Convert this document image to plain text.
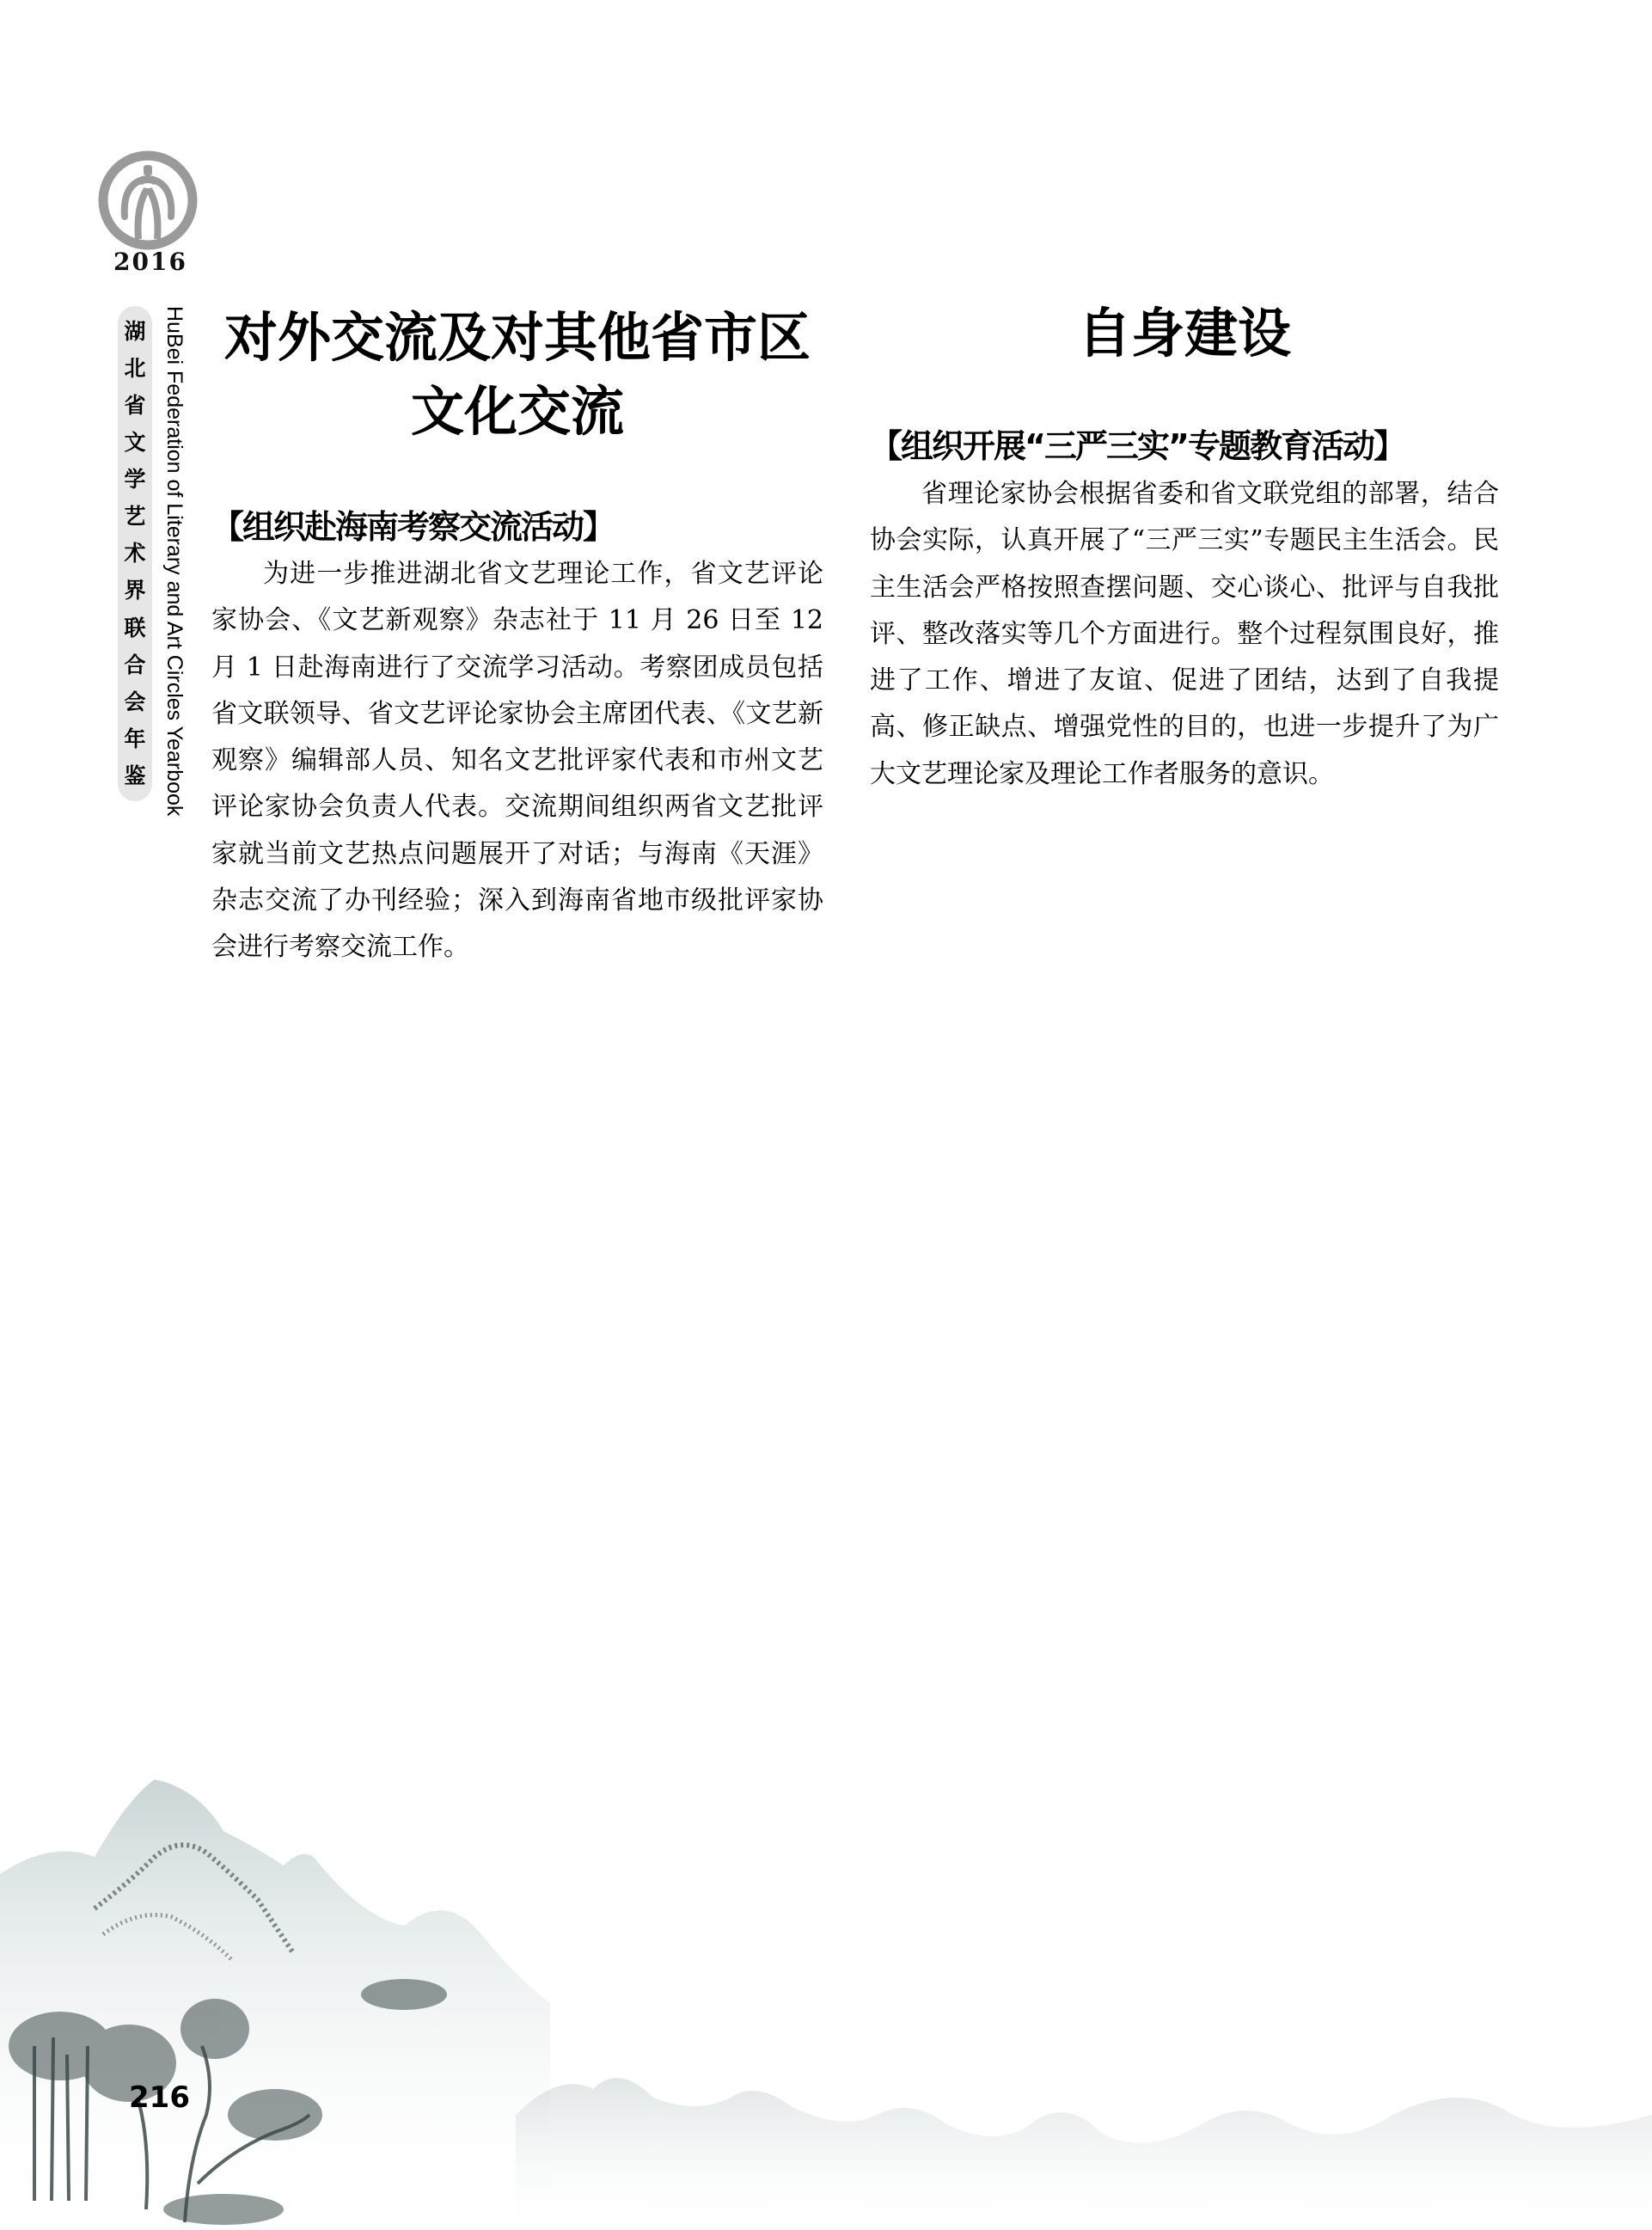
2016
湖
北
省
文
学
艺
术
界
联
合
会
年
鉴 HuBei Federation of Literary and Art Circles Yearbook 对外交流及对其他省市区
文化交流
【组织赴海南考察交流活动】

为进一步推进湖北省文艺理论工作，省文艺评论家协会、《文艺新观察》杂志社于 11 月 26 日至 12 月 1 日赴海南进行了交流学习活动。考察团成员包括省文联领导、省文艺评论家协会主席团代表、《文艺新观察》编辑部人员、知名文艺批评家代表和市州文艺评论家协会负责人代表。交流期间组织两省文艺批评家就当前文艺热点问题展开了对话；与海南《天涯》杂志交流了办刊经验；深入到海南省地市级批评家协会进行考察交流工作。

自身建设
【组织开展“三严三实”专题教育活动】

省理论家协会根据省委和省文联党组的部署，结合协会实际，认真开展了“三严三实”专题民主生活会。民主生活会严格按照查摆问题、交心谈心、批评与自我批评、整改落实等几个方面进行。整个过程氛围良好，推进了工作、增进了友谊、促进了团结，达到了自我提高、修正缺点、增强党性的目的，也进一步提升了为广大文艺理论家及理论工作者服务的意识。

216
